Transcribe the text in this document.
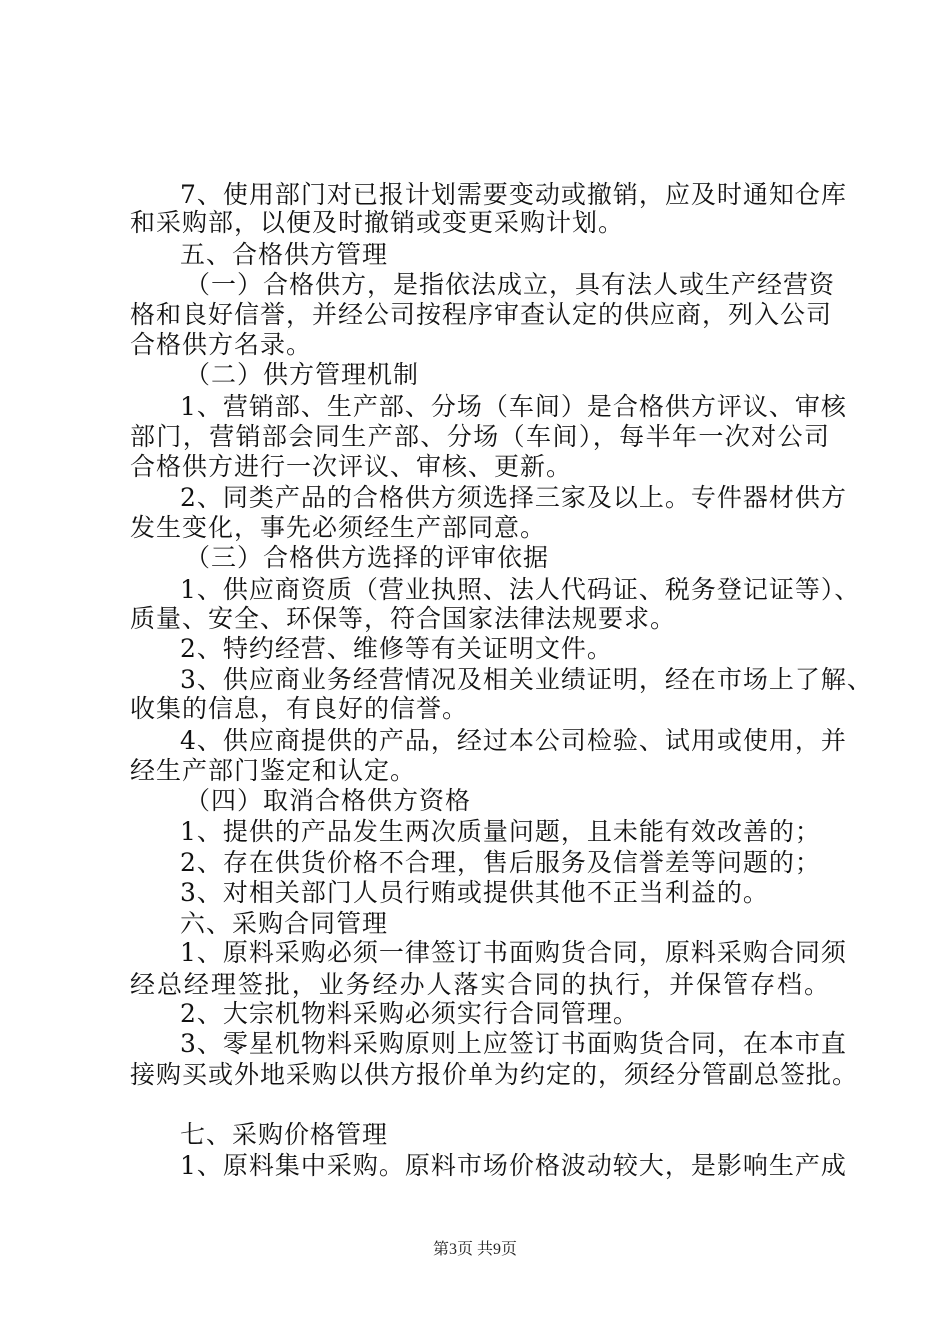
7、使用部门对已报计划需要变动或撤销，应及时通知仓库
和采购部，以便及时撤销或变更采购计划。
五、合格供方管理
（一）合格供方，是指依法成立，具有法人或生产经营资
格和良好信誉，并经公司按程序审查认定的供应商，列入公司
合格供方名录。
（二）供方管理机制
1、营销部、生产部、分场（车间）是合格供方评议、审核
部门，营销部会同生产部、分场（车间），每半年一次对公司
合格供方进行一次评议、审核、更新。
2、同类产品的合格供方须选择三家及以上。专件器材供方
发生变化，事先必须经生产部同意。
（三）合格供方选择的评审依据
1、供应商资质（营业执照、法人代码证、税务登记证等）、
质量、安全、环保等，符合国家法律法规要求。
2、特约经营、维修等有关证明文件。
3、供应商业务经营情况及相关业绩证明，经在市场上了解、
收集的信息，有良好的信誉。
4、供应商提供的产品，经过本公司检验、试用或使用，并
经生产部门鉴定和认定。
（四）取消合格供方资格
1、提供的产品发生两次质量问题，且未能有效改善的；
2、存在供货价格不合理，售后服务及信誉差等问题的；
3、对相关部门人员行贿或提供其他不正当利益的。
六、采购合同管理
1、原料采购必须一律签订书面购货合同，原料采购合同须
经总经理签批，业务经办人落实合同的执行，并保管存档。
2、大宗机物料采购必须实行合同管理。
3、零星机物料采购原则上应签订书面购货合同，在本市直
接购买或外地采购以供方报价单为约定的，须经分管副总签批。
七、采购价格管理
1、原料集中采购。原料市场价格波动较大，是影响生产成
第3页 共9页
